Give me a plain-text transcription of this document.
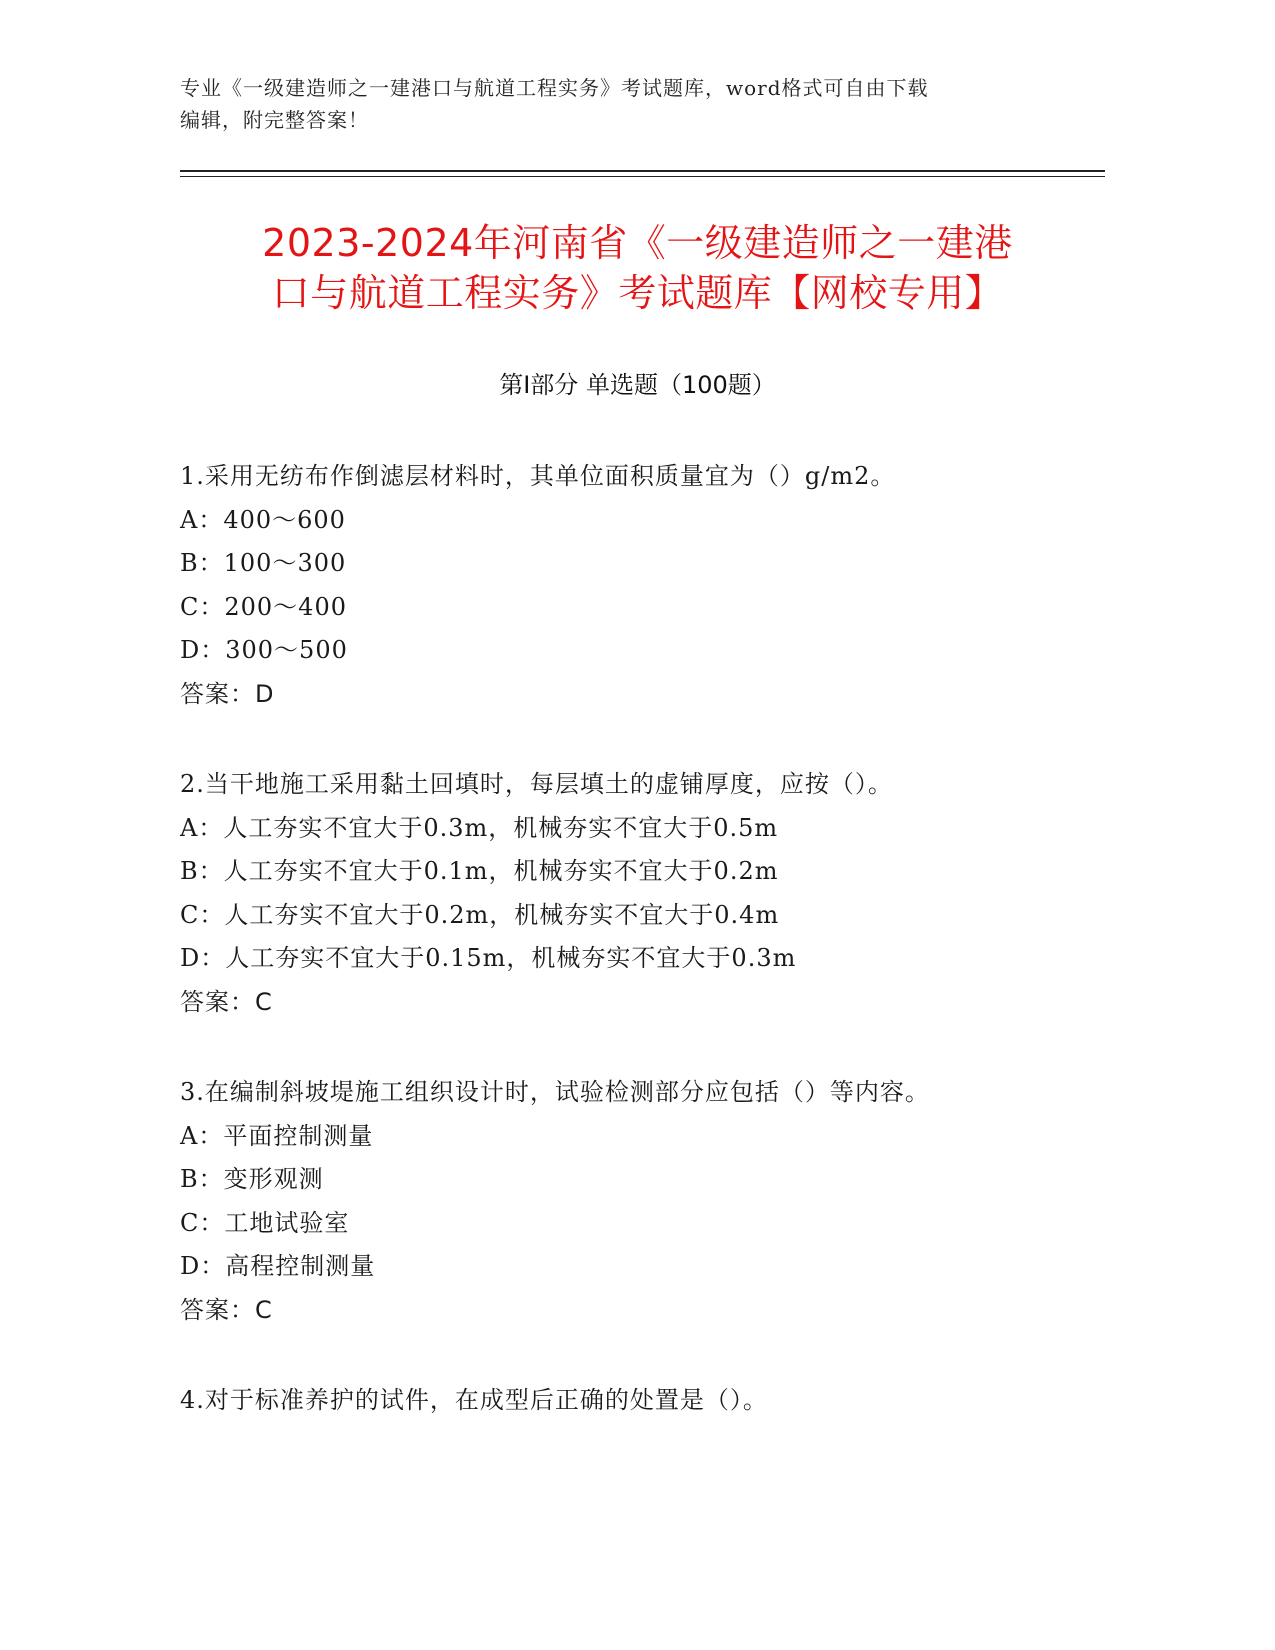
专业《一级建造师之一建港口与航道工程实务》考试题库，word格式可自由下载
编辑，附完整答案！
2023-2024年河南省《一级建造师之一建港
口与航道工程实务》考试题库【网校专用】
第Ⅰ部分 单选题（100题）
1.采用无纺布作倒滤层材料时，其单位面积质量宜为（）g/m2。
A：400～600
B：100～300
C：200～400
D：300～500
答案：D
2.当干地施工采用黏土回填时，每层填土的虚铺厚度，应按（）。
A：人工夯实不宜大于0.3m，机械夯实不宜大于0.5m
B：人工夯实不宜大于0.1m，机械夯实不宜大于0.2m
C：人工夯实不宜大于0.2m，机械夯实不宜大于0.4m
D：人工夯实不宜大于0.15m，机械夯实不宜大于0.3m
答案：C
3.在编制斜坡堤施工组织设计时，试验检测部分应包括（）等内容。
A：平面控制测量
B：变形观测
C：工地试验室
D：高程控制测量
答案：C
4.对于标准养护的试件，在成型后正确的处置是（）。
